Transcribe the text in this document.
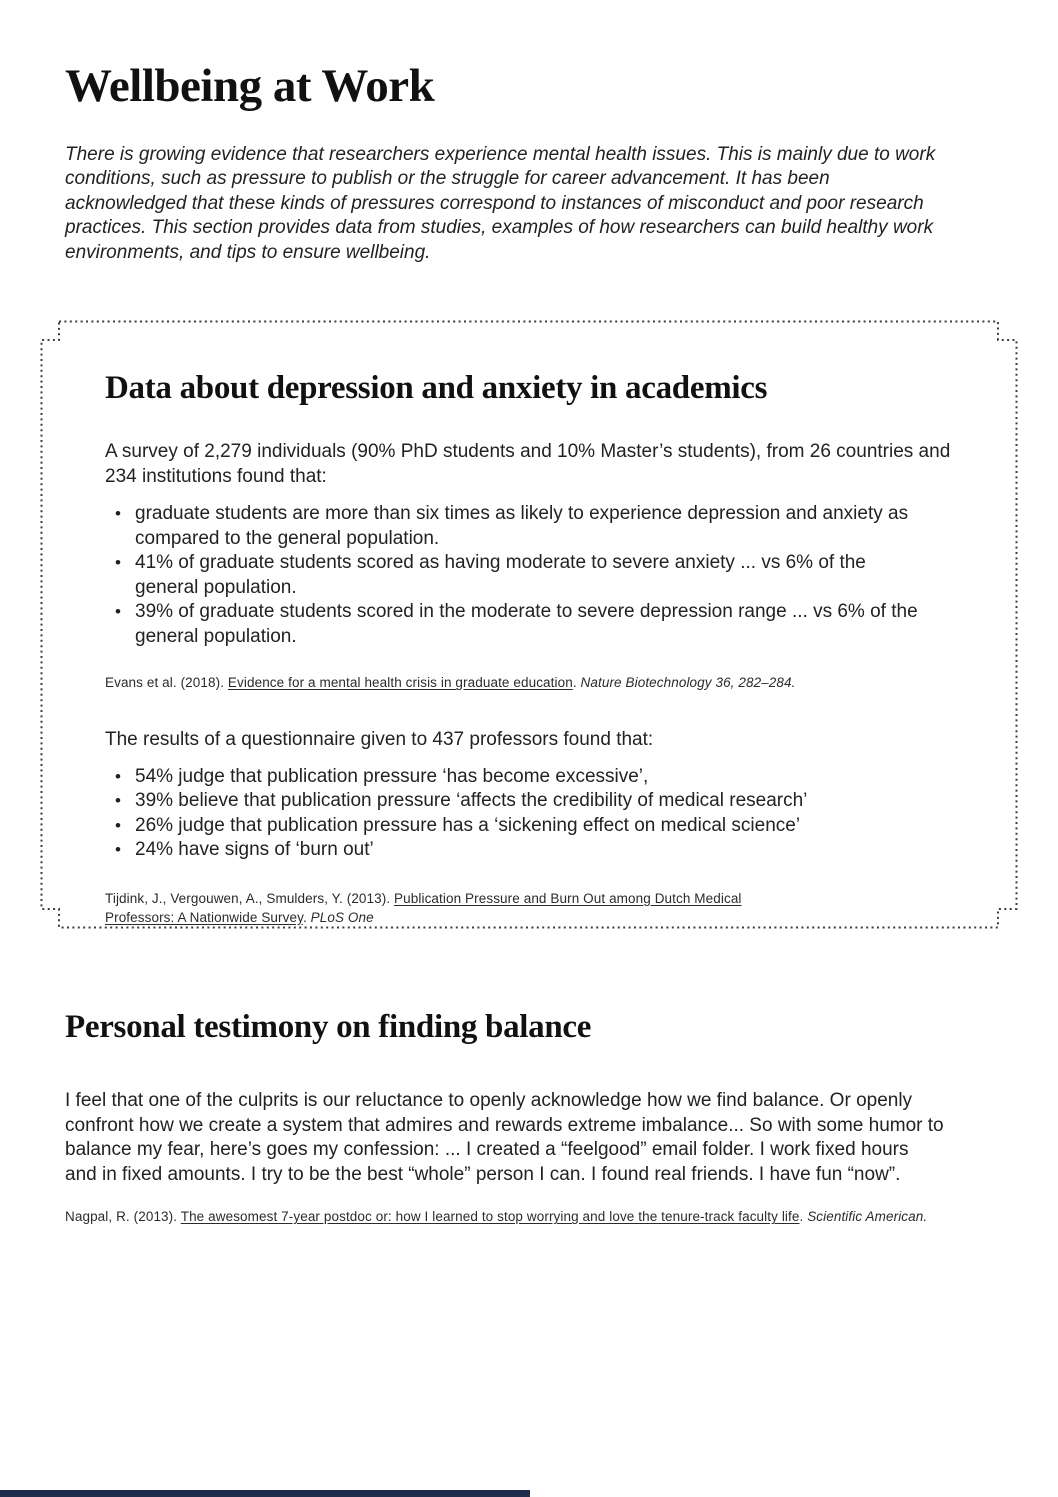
Wellbeing at Work

There is growing evidence that researchers experience mental health issues. This is mainly due to work conditions, such as pressure to publish or the struggle for career advancement. It has been acknowledged that these kinds of pressures correspond to instances of misconduct and poor research practices. This section provides data from studies, examples of how researchers can build healthy work environments, and tips to ensure wellbeing.

Data about depression and anxiety in academics

A survey of 2,279 individuals (90% PhD students and 10% Master’s students), from 26 countries and 234 institutions found that:

• graduate students are more than six times as likely to experience depression and anxiety as compared to the general population.
• 41% of graduate students scored as having moderate to severe anxiety ... vs 6% of the general population.
• 39% of graduate students scored in the moderate to severe depression range ... vs 6% of the general population.

Evans et al. (2018). Evidence for a mental health crisis in graduate education. Nature Biotechnology 36, 282–284.

The results of a questionnaire given to 437 professors found that:

• 54% judge that publication pressure ‘has become excessive’,
• 39% believe that publication pressure ‘affects the credibility of medical research’
• 26% judge that publication pressure has a ‘sickening effect on medical science’
• 24% have signs of ‘burn out’

Tijdink, J., Vergouwen, A., Smulders, Y. (2013). Publication Pressure and Burn Out among Dutch Medical Professors: A Nationwide Survey. PLoS One

Personal testimony on finding balance

I feel that one of the culprits is our reluctance to openly acknowledge how we find balance. Or openly confront how we create a system that admires and rewards extreme imbalance... So with some humor to balance my fear, here’s goes my confession: ... I created a “feelgood” email folder. I work fixed hours and in fixed amounts. I try to be the best “whole” person I can. I found real friends. I have fun “now”.

Nagpal, R. (2013). The awesomest 7-year postdoc or: how I learned to stop worrying and love the tenure-track faculty life. Scientific American.
